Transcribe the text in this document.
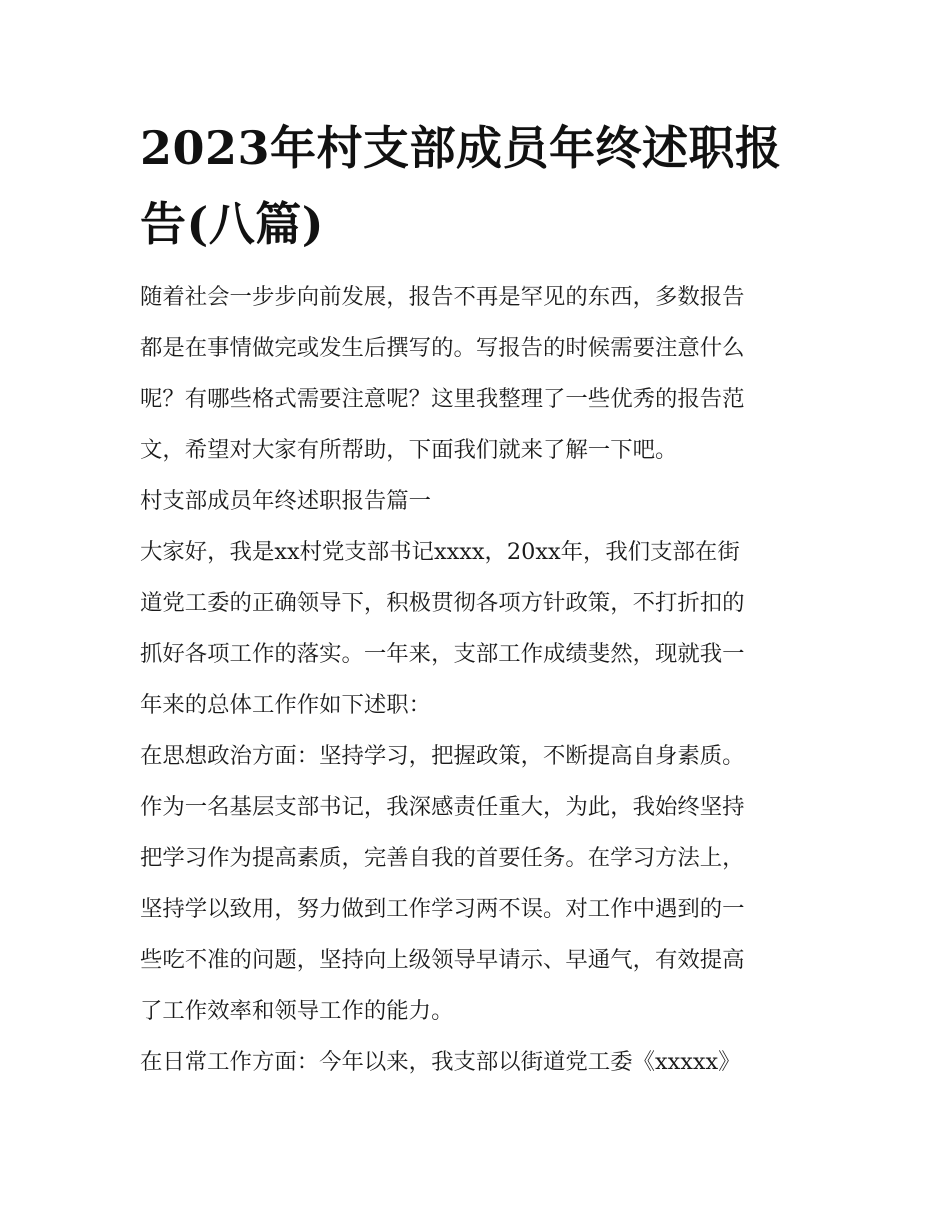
2023年村支部成员年终述职报
告(八篇)

随着社会一步步向前发展，报告不再是罕见的东西，多数报告
都是在事情做完或发生后撰写的。写报告的时候需要注意什么
呢？有哪些格式需要注意呢？这里我整理了一些优秀的报告范
文，希望对大家有所帮助，下面我们就来了解一下吧。

村支部成员年终述职报告篇一

大家好，我是xx村党支部书记xxxx，20xx年，我们支部在街
道党工委的正确领导下，积极贯彻各项方针政策，不打折扣的
抓好各项工作的落实。一年来，支部工作成绩斐然，现就我一
年来的总体工作作如下述职：

在思想政治方面：坚持学习，把握政策，不断提高自身素质。
作为一名基层支部书记，我深感责任重大，为此，我始终坚持
把学习作为提高素质，完善自我的首要任务。在学习方法上，
坚持学以致用，努力做到工作学习两不误。对工作中遇到的一
些吃不准的问题，坚持向上级领导早请示、早通气，有效提高
了工作效率和领导工作的能力。

在日常工作方面：今年以来，我支部以街道党工委《xxxxx》
